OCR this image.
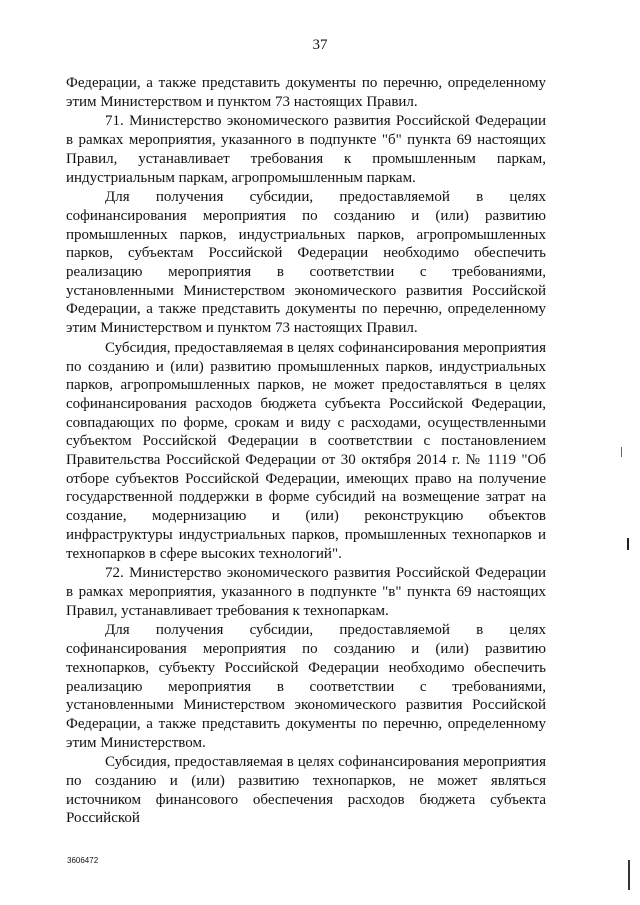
37

Федерации, а также представить документы по перечню, определенному этим Министерством и пунктом 73 настоящих Правил.

71. Министерство экономического развития Российской Федерации в рамках мероприятия, указанного в подпункте "б" пункта 69 настоящих Правил, устанавливает требования к промышленным паркам, индустриальным паркам, агропромышленным паркам.

Для получения субсидии, предоставляемой в целях софинансирования мероприятия по созданию и (или) развитию промышленных парков, индустриальных парков, агропромышленных парков, субъектам Российской Федерации необходимо обеспечить реализацию мероприятия в соответствии с требованиями, установленными Министерством экономического развития Российской Федерации, а также представить документы по перечню, определенному этим Министерством и пунктом 73 настоящих Правил.

Субсидия, предоставляемая в целях софинансирования мероприятия по созданию и (или) развитию промышленных парков, индустриальных парков, агропромышленных парков, не может предоставляться в целях софинансирования расходов бюджета субъекта Российской Федерации, совпадающих по форме, срокам и виду с расходами, осуществленными субъектом Российской Федерации в соответствии с постановлением Правительства Российской Федерации от 30 октября 2014 г. № 1119 "Об отборе субъектов Российской Федерации, имеющих право на получение государственной поддержки в форме субсидий на возмещение затрат на создание, модернизацию и (или) реконструкцию объектов инфраструктуры индустриальных парков, промышленных технопарков и технопарков в сфере высоких технологий".

72. Министерство экономического развития Российской Федерации в рамках мероприятия, указанного в подпункте "в" пункта 69 настоящих Правил, устанавливает требования к технопаркам.

Для получения субсидии, предоставляемой в целях софинансирования мероприятия по созданию и (или) развитию технопарков, субъекту Российской Федерации необходимо обеспечить реализацию мероприятия в соответствии с требованиями, установленными Министерством экономического развития Российской Федерации, а также представить документы по перечню, определенному этим Министерством.

Субсидия, предоставляемая в целях софинансирования мероприятия по созданию и (или) развитию технопарков, не может являться источником финансового обеспечения расходов бюджета субъекта Российской

3606472
